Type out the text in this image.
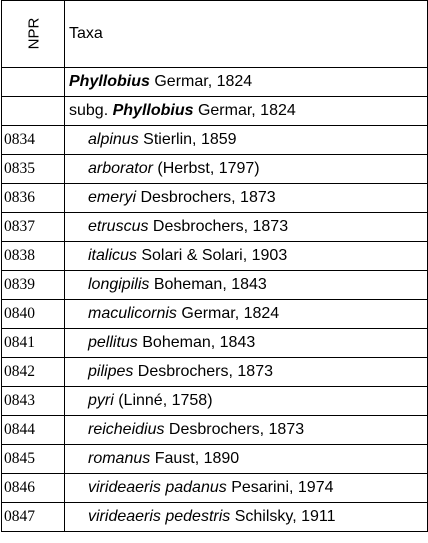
NPR	Taxa
	Phyllobius Germar, 1824
	subg. Phyllobius Germar, 1824
0834	alpinus Stierlin, 1859
0835	arborator (Herbst, 1797)
0836	emeryi Desbrochers, 1873
0837	etruscus Desbrochers, 1873
0838	italicus Solari & Solari, 1903
0839	longipilis Boheman, 1843
0840	maculicornis Germar, 1824
0841	pellitus Boheman, 1843
0842	pilipes Desbrochers, 1873
0843	pyri (Linné, 1758)
0844	reicheidius Desbrochers, 1873
0845	romanus Faust, 1890
0846	virideaeris padanus Pesarini, 1974
0847	virideaeris pedestris Schilsky, 1911
